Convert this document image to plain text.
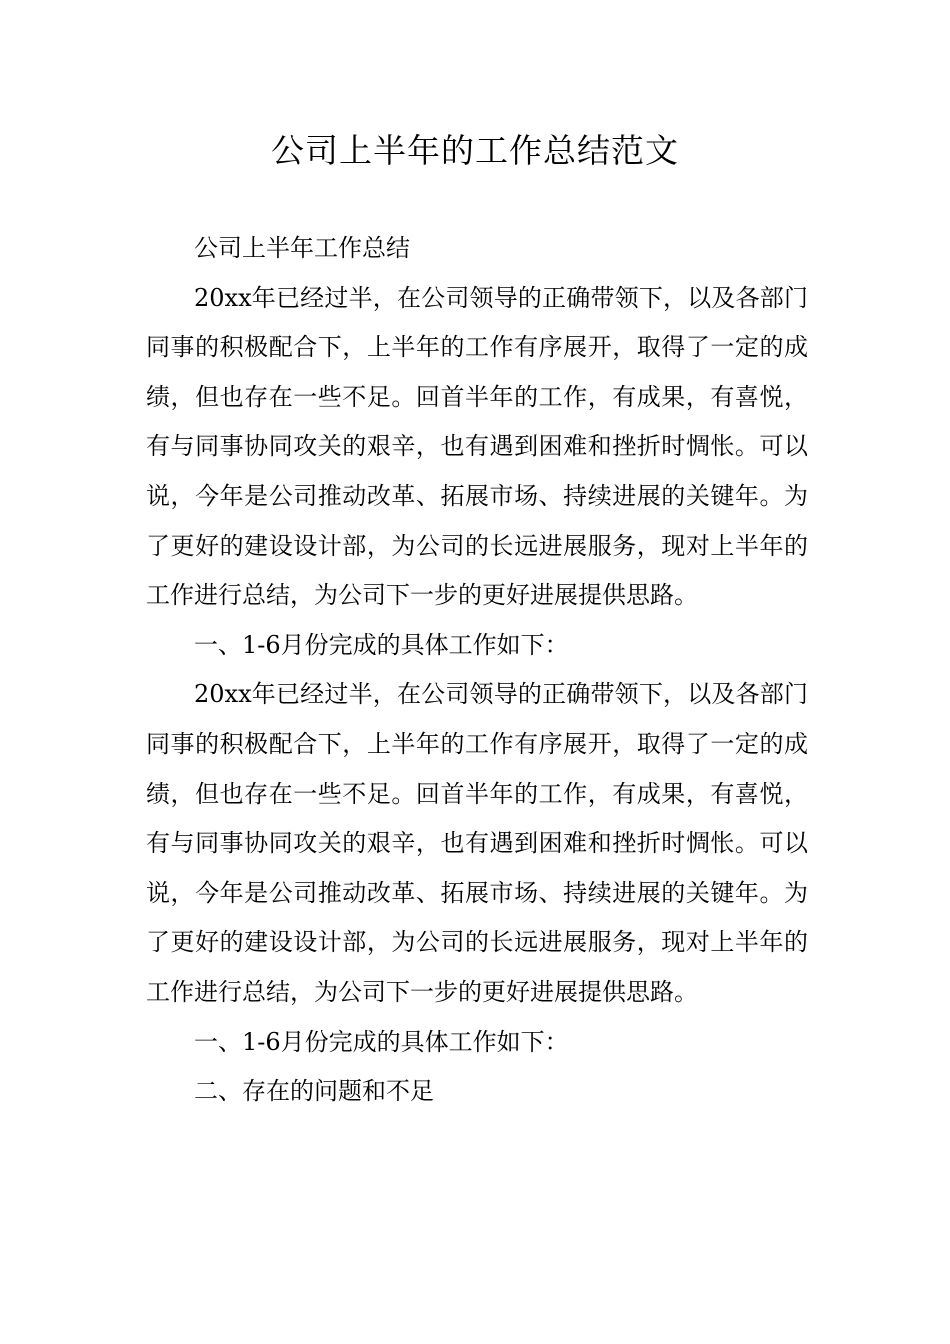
公司上半年的工作总结范文

公司上半年工作总结

20xx年已经过半，在公司领导的正确带领下，以及各部门同事的积极配合下，上半年的工作有序展开，取得了一定的成绩，但也存在一些不足。回首半年的工作，有成果，有喜悦，有与同事协同攻关的艰辛，也有遇到困难和挫折时惆怅。可以说，今年是公司推动改革、拓展市场、持续进展的关键年。为了更好的建设设计部，为公司的长远进展服务，现对上半年的工作进行总结，为公司下一步的更好进展提供思路。

一、1-6月份完成的具体工作如下：

20xx年已经过半，在公司领导的正确带领下，以及各部门同事的积极配合下，上半年的工作有序展开，取得了一定的成绩，但也存在一些不足。回首半年的工作，有成果，有喜悦，有与同事协同攻关的艰辛，也有遇到困难和挫折时惆怅。可以说，今年是公司推动改革、拓展市场、持续进展的关键年。为了更好的建设设计部，为公司的长远进展服务，现对上半年的工作进行总结，为公司下一步的更好进展提供思路。

一、1-6月份完成的具体工作如下：

二、存在的问题和不足
